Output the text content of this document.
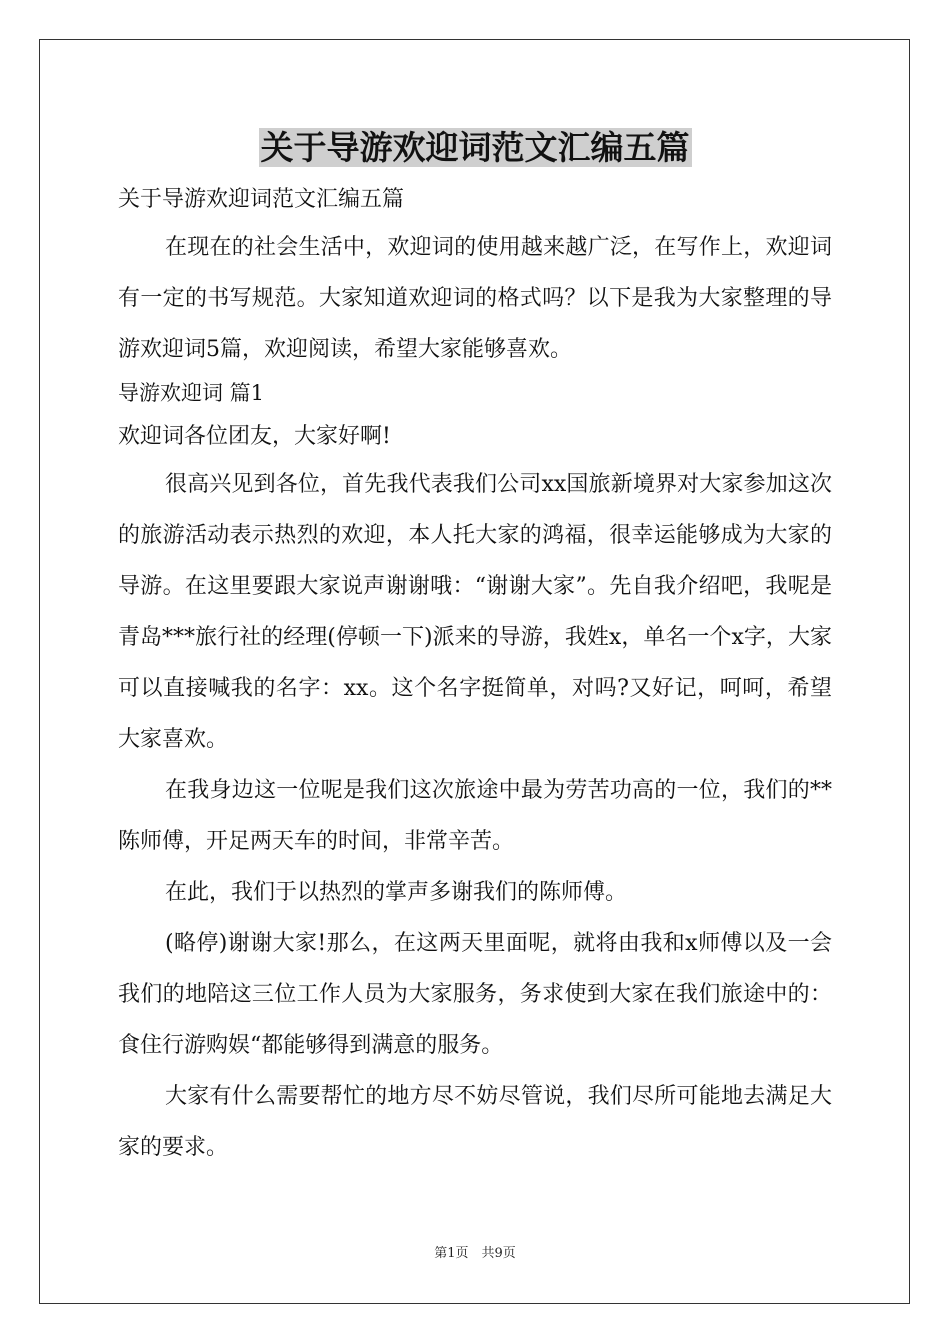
关于导游欢迎词范文汇编五篇

关于导游欢迎词范文汇编五篇

在现在的社会生活中，欢迎词的使用越来越广泛，在写作上，欢迎词有一定的书写规范。大家知道欢迎词的格式吗？以下是我为大家整理的导游欢迎词5篇，欢迎阅读，希望大家能够喜欢。

导游欢迎词 篇1

欢迎词各位团友，大家好啊!

很高兴见到各位，首先我代表我们公司xx国旅新境界对大家参加这次的旅游活动表示热烈的欢迎，本人托大家的鸿福，很幸运能够成为大家的导游。在这里要跟大家说声谢谢哦：“谢谢大家”。先自我介绍吧，我呢是青岛***旅行社的经理(停顿一下)派来的导游，我姓x，单名一个x字，大家可以直接喊我的名字：xx。这个名字挺简单，对吗?又好记，呵呵，希望大家喜欢。

在我身边这一位呢是我们这次旅途中最为劳苦功高的一位，我们的**陈师傅，开足两天车的时间，非常辛苦。

在此，我们于以热烈的掌声多谢我们的陈师傅。

(略停)谢谢大家!那么，在这两天里面呢，就将由我和x师傅以及一会我们的地陪这三位工作人员为大家服务，务求使到大家在我们旅途中的：食住行游购娱“都能够得到满意的服务。

大家有什么需要帮忙的地方尽不妨尽管说，我们尽所可能地去满足大家的要求。

第1页　共9页
